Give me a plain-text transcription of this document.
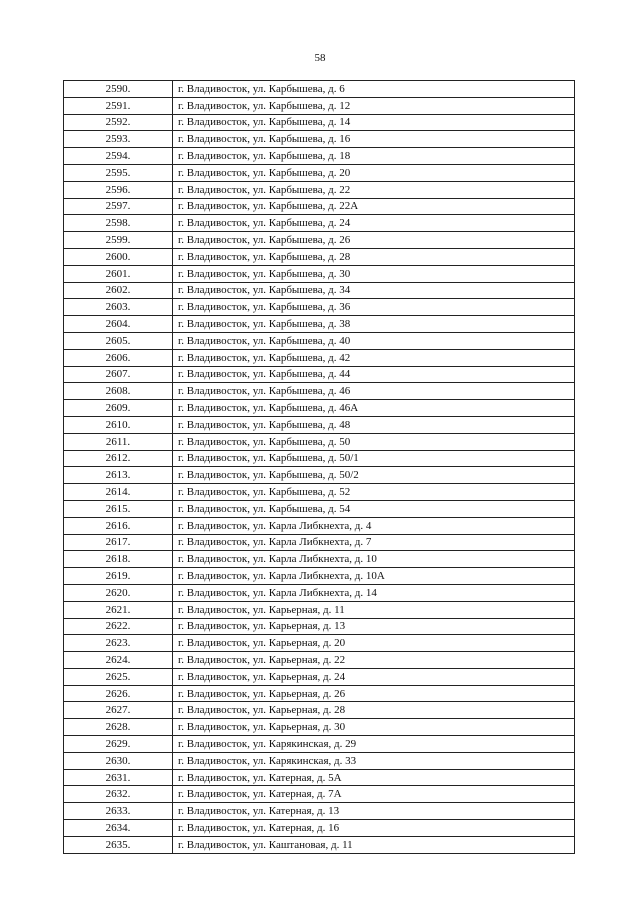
58
2590.	г. Владивосток, ул. Карбышева, д. 6
2591.	г. Владивосток, ул. Карбышева, д. 12
2592.	г. Владивосток, ул. Карбышева, д. 14
2593.	г. Владивосток, ул. Карбышева, д. 16
2594.	г. Владивосток, ул. Карбышева, д. 18
2595.	г. Владивосток, ул. Карбышева, д. 20
2596.	г. Владивосток, ул. Карбышева, д. 22
2597.	г. Владивосток, ул. Карбышева, д. 22А
2598.	г. Владивосток, ул. Карбышева, д. 24
2599.	г. Владивосток, ул. Карбышева, д. 26
2600.	г. Владивосток, ул. Карбышева, д. 28
2601.	г. Владивосток, ул. Карбышева, д. 30
2602.	г. Владивосток, ул. Карбышева, д. 34
2603.	г. Владивосток, ул. Карбышева, д. 36
2604.	г. Владивосток, ул. Карбышева, д. 38
2605.	г. Владивосток, ул. Карбышева, д. 40
2606.	г. Владивосток, ул. Карбышева, д. 42
2607.	г. Владивосток, ул. Карбышева, д. 44
2608.	г. Владивосток, ул. Карбышева, д. 46
2609.	г. Владивосток, ул. Карбышева, д. 46А
2610.	г. Владивосток, ул. Карбышева, д. 48
2611.	г. Владивосток, ул. Карбышева, д. 50
2612.	г. Владивосток, ул. Карбышева, д. 50/1
2613.	г. Владивосток, ул. Карбышева, д. 50/2
2614.	г. Владивосток, ул. Карбышева, д. 52
2615.	г. Владивосток, ул. Карбышева, д. 54
2616.	г. Владивосток, ул. Карла Либкнехта, д. 4
2617.	г. Владивосток, ул. Карла Либкнехта, д. 7
2618.	г. Владивосток, ул. Карла Либкнехта, д. 10
2619.	г. Владивосток, ул. Карла Либкнехта, д. 10А
2620.	г. Владивосток, ул. Карла Либкнехта, д. 14
2621.	г. Владивосток, ул. Карьерная, д. 11
2622.	г. Владивосток, ул. Карьерная, д. 13
2623.	г. Владивосток, ул. Карьерная, д. 20
2624.	г. Владивосток, ул. Карьерная, д. 22
2625.	г. Владивосток, ул. Карьерная, д. 24
2626.	г. Владивосток, ул. Карьерная, д. 26
2627.	г. Владивосток, ул. Карьерная, д. 28
2628.	г. Владивосток, ул. Карьерная, д. 30
2629.	г. Владивосток, ул. Карякинская, д. 29
2630.	г. Владивосток, ул. Карякинская, д. 33
2631.	г. Владивосток, ул. Катерная, д. 5А
2632.	г. Владивосток, ул. Катерная, д. 7А
2633.	г. Владивосток, ул. Катерная, д. 13
2634.	г. Владивосток, ул. Катерная, д. 16
2635.	г. Владивосток, ул. Каштановая, д. 11
